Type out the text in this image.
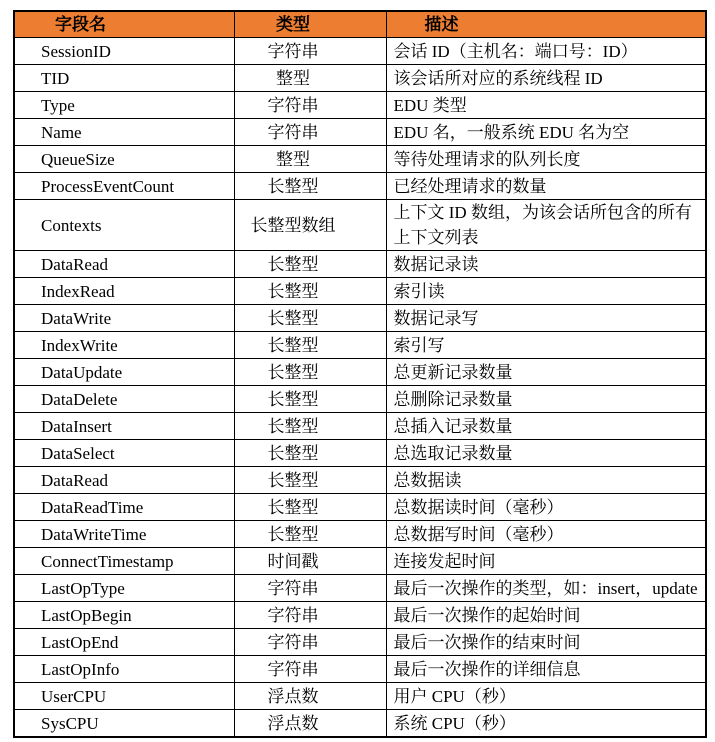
字段名	类型	描述
SessionID	字符串	会话 ID（主机名：端口号：ID）
TID	整型	该会话所对应的系统线程 ID
Type	字符串	EDU 类型
Name	字符串	EDU 名，一般系统 EDU 名为空
QueueSize	整型	等待处理请求的队列长度
ProcessEventCount	长整型	已经处理请求的数量
Contexts	长整型数组	上下文 ID 数组，为该会话所包含的所有上下文列表
DataRead	长整型	数据记录读
IndexRead	长整型	索引读
DataWrite	长整型	数据记录写
IndexWrite	长整型	索引写
DataUpdate	长整型	总更新记录数量
DataDelete	长整型	总删除记录数量
DataInsert	长整型	总插入记录数量
DataSelect	长整型	总选取记录数量
DataRead	长整型	总数据读
DataReadTime	长整型	总数据读时间（毫秒）
DataWriteTime	长整型	总数据写时间（毫秒）
ConnectTimestamp	时间戳	连接发起时间
LastOpType	字符串	最后一次操作的类型，如：insert，update
LastOpBegin	字符串	最后一次操作的起始时间
LastOpEnd	字符串	最后一次操作的结束时间
LastOpInfo	字符串	最后一次操作的详细信息
UserCPU	浮点数	用户 CPU（秒）
SysCPU	浮点数	系统 CPU（秒）
